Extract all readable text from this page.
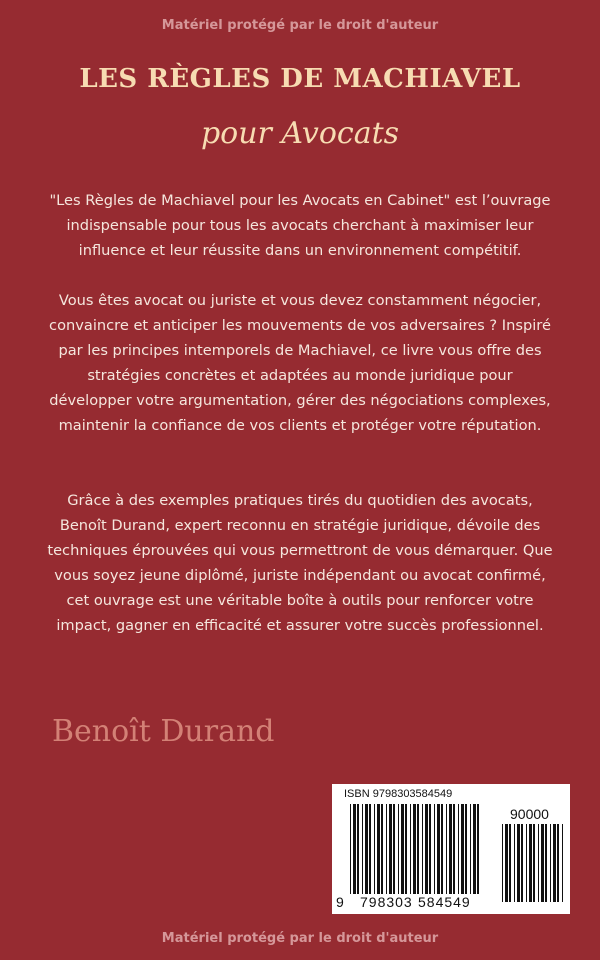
Matériel protégé par le droit d'auteur
LES RÈGLES DE MACHIAVEL
pour Avocats

"Les Règles de Machiavel pour les Avocats en Cabinet" est l’ouvrage indispensable pour tous les avocats cherchant à maximiser leur influence et leur réussite dans un environnement compétitif.

Vous êtes avocat ou juriste et vous devez constamment négocier, convaincre et anticiper les mouvements de vos adversaires ? Inspiré par les principes intemporels de Machiavel, ce livre vous offre des stratégies concrètes et adaptées au monde juridique pour développer votre argumentation, gérer des négociations complexes, maintenir la confiance de vos clients et protéger votre réputation.

Grâce à des exemples pratiques tirés du quotidien des avocats, Benoît Durand, expert reconnu en stratégie juridique, dévoile des techniques éprouvées qui vous permettront de vous démarquer. Que vous soyez jeune diplômé, juriste indépendant ou avocat confirmé, cet ouvrage est une véritable boîte à outils pour renforcer votre impact, gagner en efficacité et assurer votre succès professionnel.

Benoît Durand
ISBN 9798303584549
90000
9 798303 584549
Matériel protégé par le droit d'auteur
